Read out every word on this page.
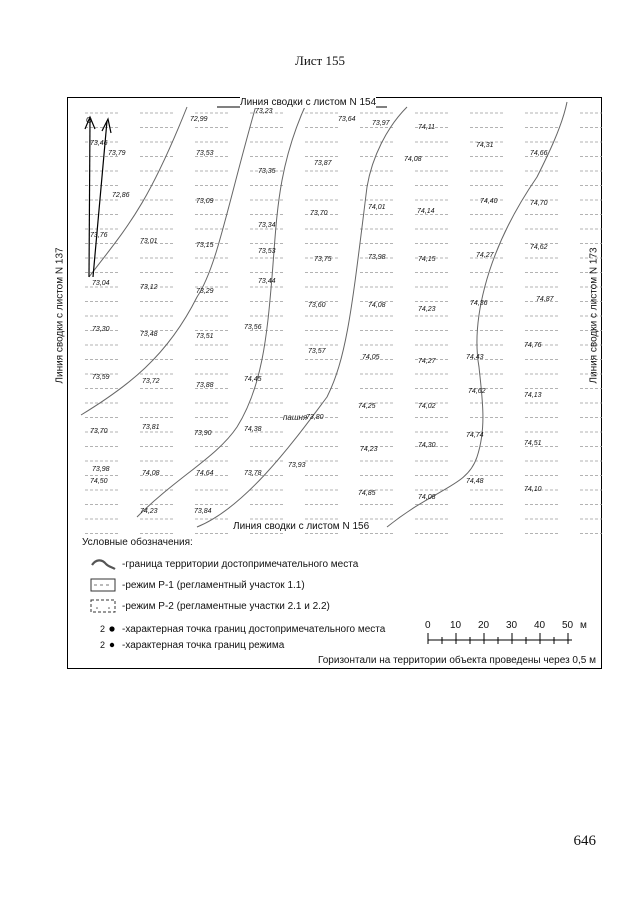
Лист 155
73,23
72,99	73,64
73,97
74,11
73,46
73,79	73,53
73,87
74,31
74,66
74,08
73,35
73,34
72,86
73,09
73,70
74,01
74,14
74,40	74,70
73,53
73,76
73,01
73,15	74,62
73,75	73,98	74,15
74,27
73,04
73,12
73,29
73,44
74,87
74,36
73,60	74,08
74,23
73,30
73,48	73,51
73,56
74,76
73,57
74,05
74,27
74,43
73,59
73,72
73,88
74,45
74,62
74,13
74,25	74,02
73,80
73,70
73,81
73,90
74,38
74,74
74,51
74,23
74,30
73,93
73,98
74,08	74,64	73,78
74,48
74,50
74,85
74,08
74,10
74,23	73,84
Линия сводки с листом N 154
Линия сводки с листом N 156
Линия сводки с листом N 137	Линия сводки с листом N 173
С
пашня
Условные обозначения:
-граница территории достопримечательного места
-режим Р-1 (регламентный участок 1.1)
-режим Р-2 (регламентные участки 2.1 и 2.2)
2 -характерная точка границ достопримечательного места
2 -характерная точка границ режима
0 10 20 30 40 50 м
Горизонтали на территории объекта проведены через 0,5 м
646
